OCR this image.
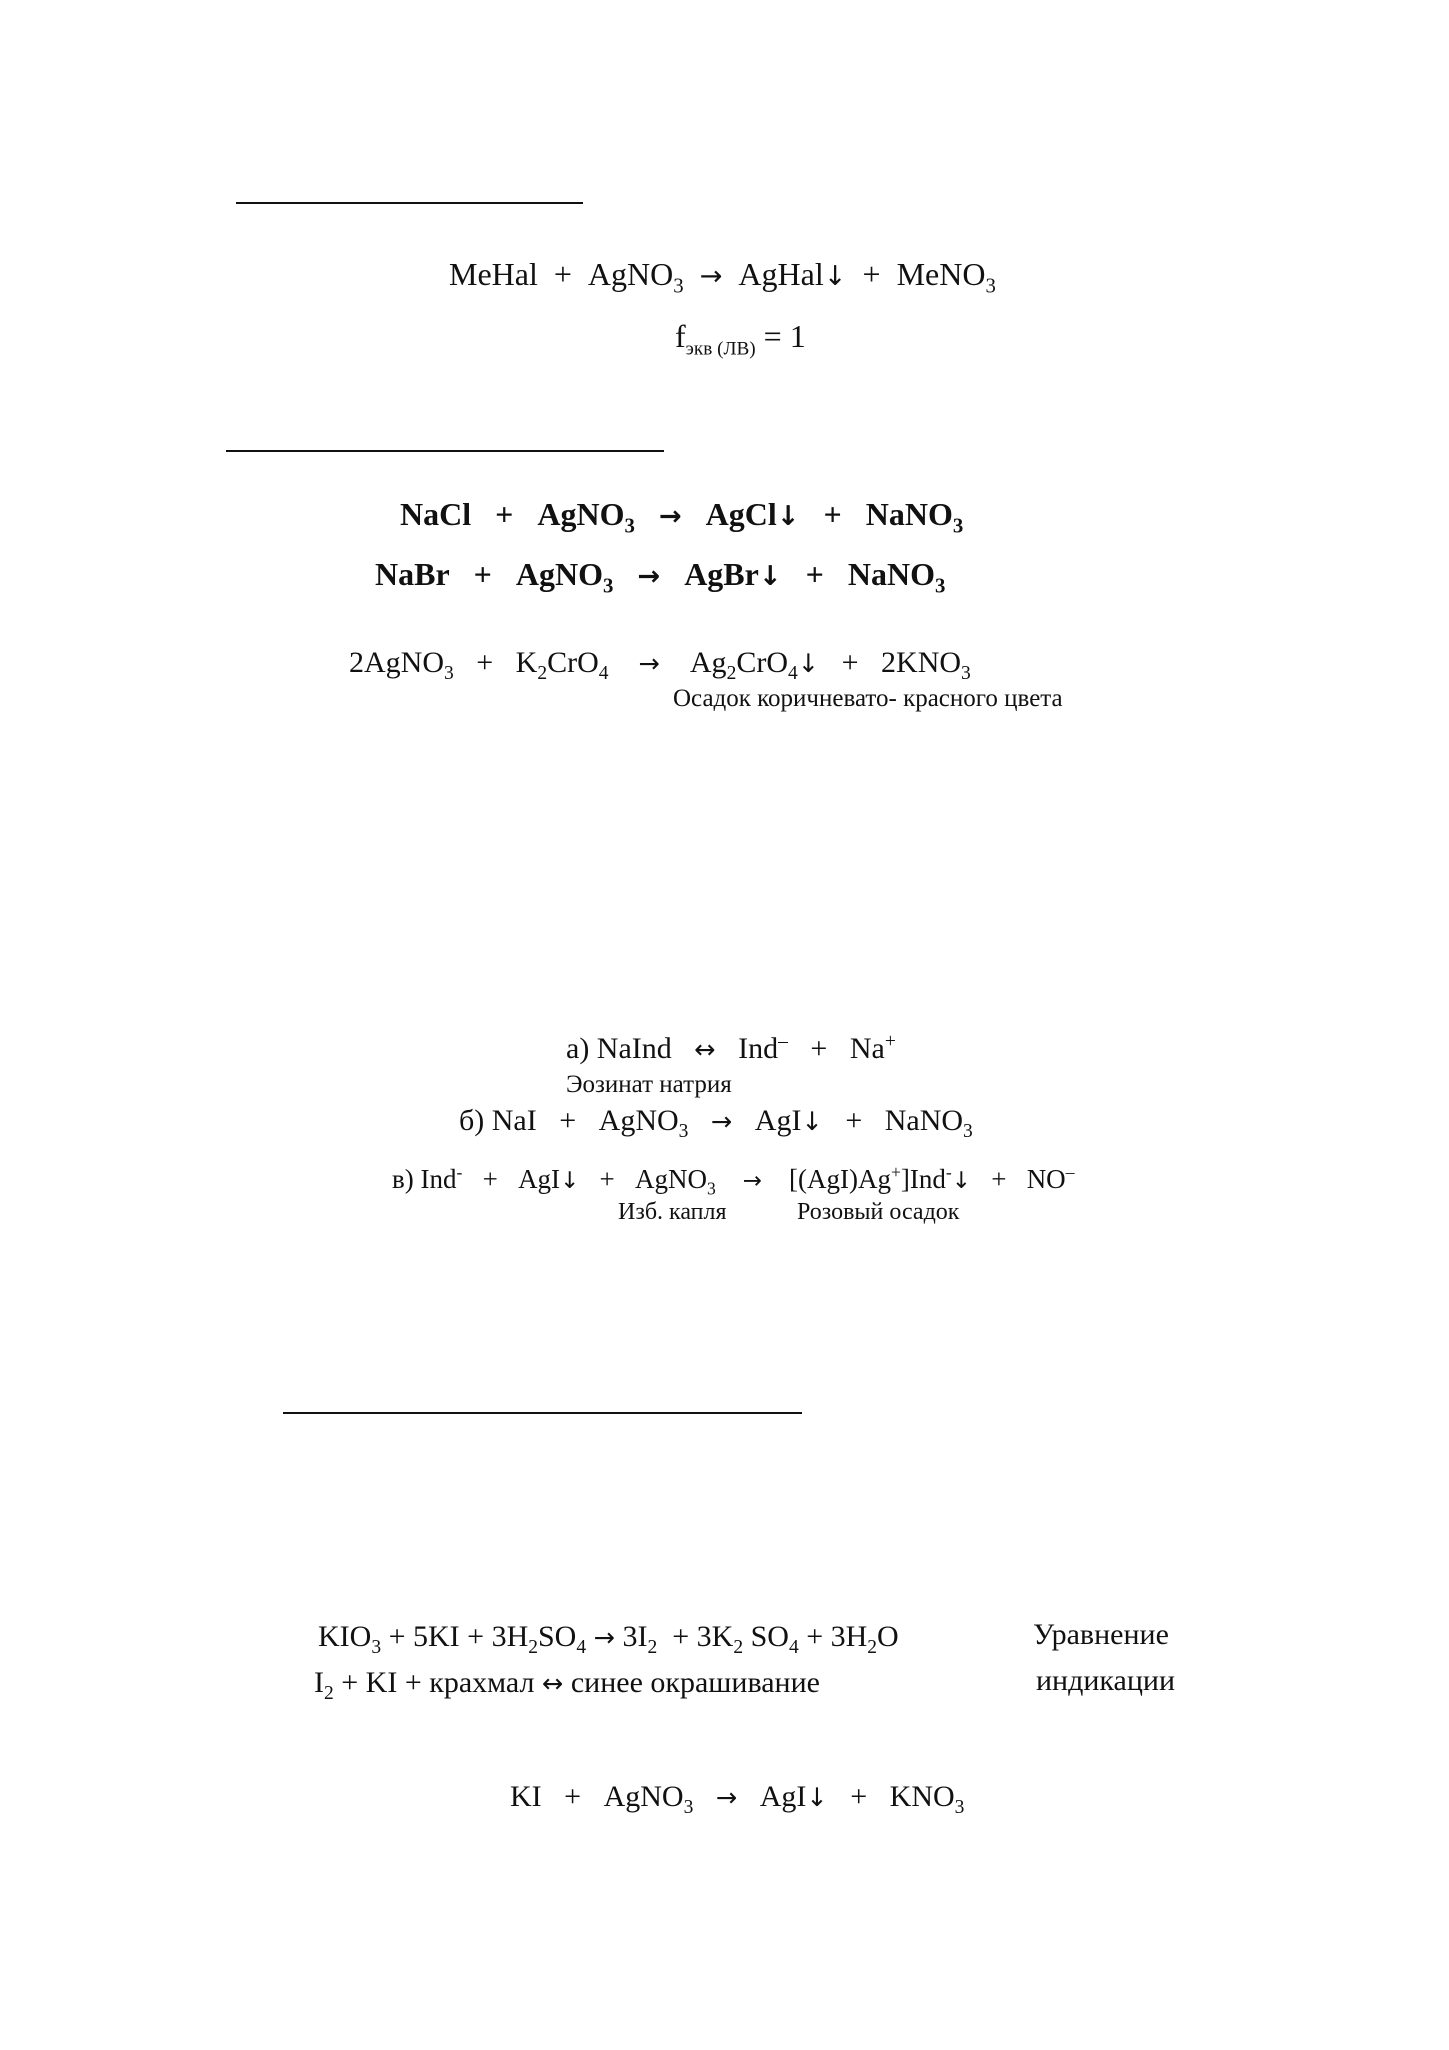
MeHal + AgNO$_3$ → AgHal↓ + MeNO$_3$
$f_{экв (ЛВ)} = 1$
NaCl + AgNO$_3$ → AgCl↓ + NaNO$_3$
NaBr + AgNO$_3$ → AgBr↓ + NaNO$_3$
2AgNO$_3$ + $K_2CrO_4$ → $Ag_2CrO_4↓ + 2KNO_3$
Осадок коричневато- красного цвета
а) NaInd ↔ Ind– + Na+
Эозинат натрия
б) NaI + AgNO$_3$ → AgI↓ + NaNO$_3$
в) Ind- + AgI↓ + AgNO$_3$ → [(AgI)Ag+]Ind-↓ + NO–
Изб. капля	Розовый осадок
$KIO_3 + 5KI + 3H_2SO_4 \to 3I_2 + 3K_2$ $SO_4 + 3H_2O$	Уравнение
$I_2$ + KI + крахмал ↔ синее окрашивание	индикации
KI + AgNO$_3$ → AgI↓ + $KNO_3$
